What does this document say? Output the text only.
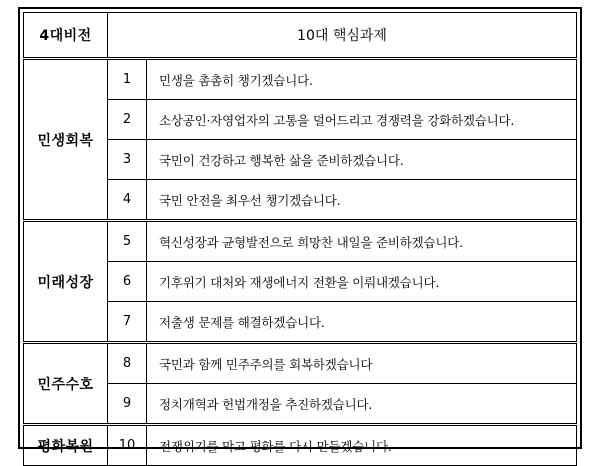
4대비전	10대 핵심과제	
민생회복	1	민생을 촘촘히 챙기겠습니다.
	2	소상공인·자영업자의 고통을 덜어드리고 경쟁력을 강화하겠습니다.
	3	국민이 건강하고 행복한 삶을 준비하겠습니다.
	4	국민 안전을 최우선 챙기겠습니다.
미래성장	5	혁신성장과 균형발전으로 희망찬 내일을 준비하겠습니다.
	6	기후위기 대처와 재생에너지 전환을 이뤄내겠습니다.
	7	저출생 문제를 해결하겠습니다.
민주수호	8	국민과 함께 민주주의를 회복하겠습니다
	9	정치개혁과 헌법개정을 추진하겠습니다.
평화복원	10	전쟁위기를 막고 평화를 다시 만들겠습니다.
